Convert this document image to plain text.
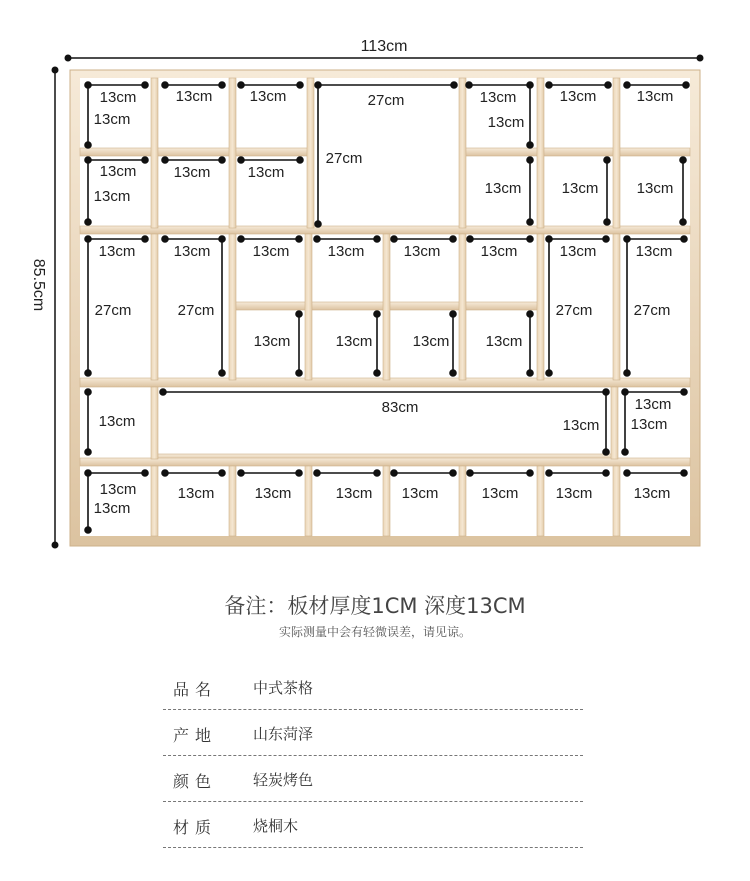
113cm
85.5cm
13cm
13cm
13cm 13cm	27cm
27cm
13cm
13cm
13cm	13cm
13cm
13cm
13cm 13cm
13cm	13cm	13cm
13cm
27cm
13cm
27cm
13cm	13cm	13cm	13cm	13cm
27cm
13cm
27cm
13cm	13cm	13cm 13cm
13cm
83cm
13cm
13cm
13cm
13cm
13cm
13cm	13cm	13cm 13cm	13cm 13cm	13cm
备注：板材厚度1CM 深度13CM
实际测量中会有轻微误差，请见谅。
品名 中式茶格
产地 山东菏泽
颜色 轻炭烤色
材质 烧桐木
